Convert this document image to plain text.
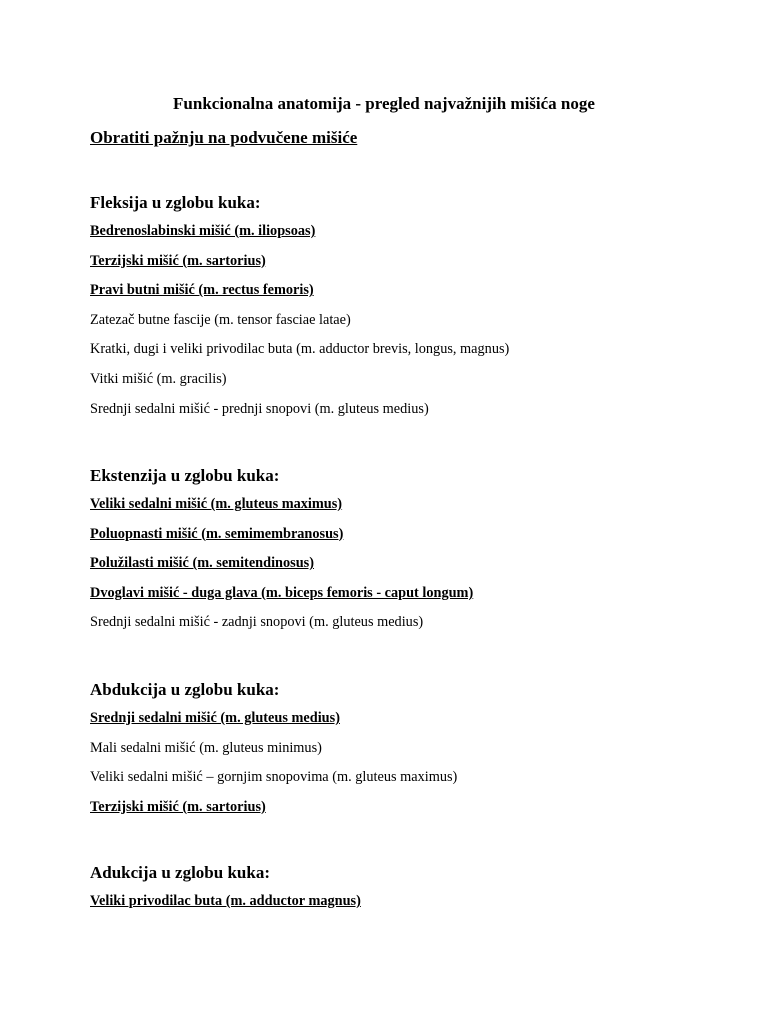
Funkcionalna anatomija - pregled najvažnijih mišića noge
Obratiti pažnju na podvučene mišiće
Fleksija u zglobu kuka:
Bedrenoslabinski mišić (m. iliopsoas)
Terzijski mišić (m. sartorius)
Pravi butni mišić (m. rectus femoris)
Zatezač butne fascije (m. tensor fasciae latae)
Kratki, dugi i veliki privodilac buta (m. adductor brevis, longus, magnus)
Vitki mišić (m. gracilis)
Srednji sedalni mišić - prednji snopovi (m. gluteus medius)
Ekstenzija u zglobu kuka:
Veliki sedalni mišić (m. gluteus maximus)
Poluopnasti mišić (m. semimembranosus)
Polužilasti mišić (m. semitendinosus)
Dvoglavi mišić - duga glava (m. biceps femoris - caput longum)
Srednji sedalni mišić - zadnji snopovi (m. gluteus medius)
Abdukcija u zglobu kuka:
Srednji sedalni mišić (m. gluteus medius)
Mali sedalni mišić (m. gluteus minimus)
Veliki sedalni mišić – gornjim snopovima (m. gluteus maximus)
Terzijski mišić (m. sartorius)
Adukcija u zglobu kuka:
Veliki privodilac buta (m. adductor magnus)
